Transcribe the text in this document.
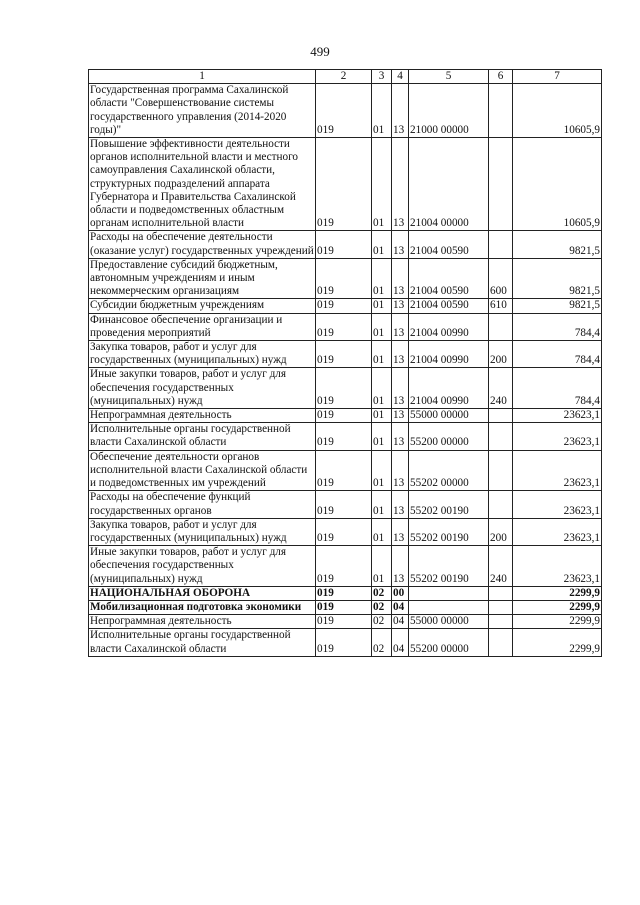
499
1	2	3	4	5	6	7
Государственная программа Сахалинской области "Совершенствование системы государственного управления (2014-2020 годы)"	019	01	13	21000 00000		10605,9
Повышение эффективности деятельности органов исполнительной власти и местного самоуправления Сахалинской области, структурных подразделений аппарата Губернатора и Правительства Сахалинской области и подведомственных областным органам исполнительной власти	019	01	13	21004 00000		10605,9
Расходы на обеспечение деятельности (оказание услуг) государственных учреждений	019	01	13	21004 00590		9821,5
Предоставление субсидий бюджетным, автономным учреждениям и иным некоммерческим организациям	019	01	13	21004 00590	600	9821,5
Субсидии бюджетным учреждениям	019	01	13	21004 00590	610	9821,5
Финансовое обеспечение организации и проведения мероприятий	019	01	13	21004 00990		784,4
Закупка товаров, работ и услуг для государственных (муниципальных) нужд	019	01	13	21004 00990	200	784,4
Иные закупки товаров, работ и услуг для обеспечения государственных (муниципальных) нужд	019	01	13	21004 00990	240	784,4
Непрограммная деятельность	019	01	13	55000 00000		23623,1
Исполнительные органы государственной власти Сахалинской области	019	01	13	55200 00000		23623,1
Обеспечение деятельности органов исполнительной власти Сахалинской области и подведомственных им учреждений	019	01	13	55202 00000		23623,1
Расходы на обеспечение функций государственных органов	019	01	13	55202 00190		23623,1
Закупка товаров, работ и услуг для государственных (муниципальных) нужд	019	01	13	55202 00190	200	23623,1
Иные закупки товаров, работ и услуг для обеспечения государственных (муниципальных) нужд	019	01	13	55202 00190	240	23623,1
НАЦИОНАЛЬНАЯ ОБОРОНА	019	02	00			2299,9
Мобилизационная подготовка экономики	019	02	04			2299,9
Непрограммная деятельность	019	02	04	55000 00000		2299,9
Исполнительные органы государственной власти Сахалинской области	019	02	04	55200 00000		2299,9
